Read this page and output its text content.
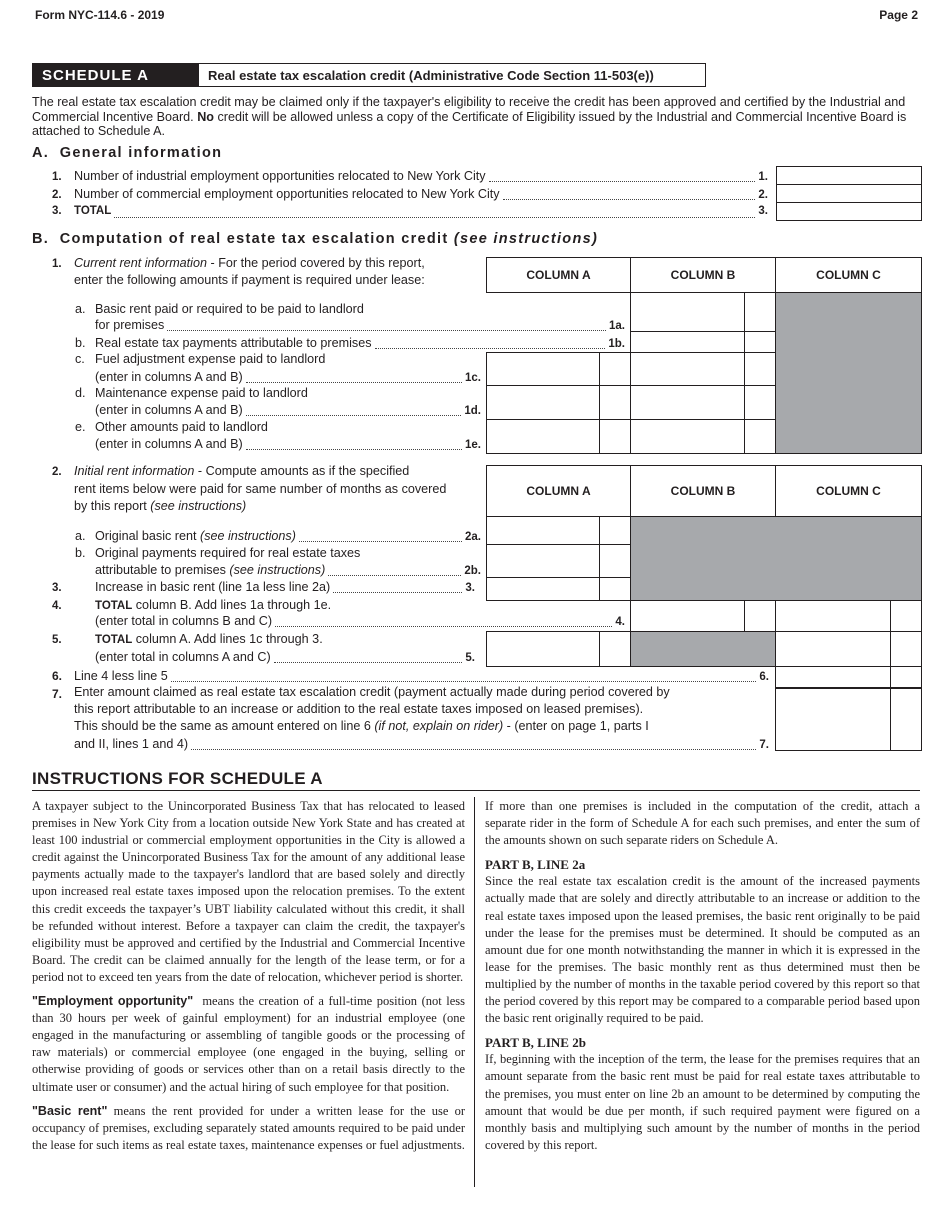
Form NYC-114.6 - 2019	Page 2
SCHEDULE A	Real estate tax escalation credit (Administrative Code Section 11-503(e))
The real estate tax escalation credit may be claimed only if the taxpayer's eligibility to receive the credit has been approved and certified by the Industrial and Commercial Incentive Board. No credit will be allowed unless a copy of the Certificate of Eligibility issued by the Industrial and Commercial Incentive Board is attached to Schedule A.
A. General information
1. Number of industrial employment opportunities relocated to New York City	1.
2. Number of commercial employment opportunities relocated to New York City	2.
3.	TOTAL	3.
B. Computation of real estate tax escalation credit (see instructions)
1. Current rent information - For the period covered by this report,
enter the following amounts if payment is required under lease:	COLUMN A	COLUMN B	COLUMN C
a. Basic rent paid or required to be paid to landlord
for premises	1a.
b. Real estate tax payments attributable to premises	1b.
c. Fuel adjustment expense paid to landlord
(enter in columns A and B)	1c.
d. Maintenance expense paid to landlord
(enter in columns A and B)	1d.
e. Other amounts paid to landlord
(enter in columns A and B)	1e.
2. Initial rent information - Compute amounts as if the specified
rent items below were paid for same number of months as covered
by this report (see instructions)
COLUMN A	COLUMN B	COLUMN C
a. Original basic rent
(see instructions)	2a.
b. Original payments required for real estate taxes
attributable to premises
(see instructions)	2b.
3.	Increase in basic rent (line 1a less line 2a)	3.
4.	TOTAL column B. Add lines 1a through 1e.
(enter total in columns B and C)	4.
5.	TOTAL column A. Add lines 1c through 3.
(enter total in columns A and C)	5.
6. Line 4 less line 5	6.
7. Enter amount claimed as real estate tax escalation credit (payment actually made during period covered by
this report attributable to an increase or addition to the real estate taxes imposed on leased premises).
This should be the same as amount entered on line 6 (if not, explain on rider) - (enter on page 1, parts I
and II, lines 1 and 4)	7.
INSTRUCTIONS FOR SCHEDULE A

A taxpayer subject to the Unincorporated Business Tax that has relocated to leased premises in New York City from a location outside New York State and has created at least 100 industrial or commercial employment opportunities in the City is allowed a credit against the Unincorporated Business Tax for the amount of any additional lease payments actually made to the taxpayer's landlord that are based solely and directly upon increased real estate taxes imposed upon the relocation premises. To the extent this credit exceeds the taxpayer’s UBT liability calculated without this credit, it shall be refunded without interest. Before a taxpayer can claim the credit, the taxpayer's eligibility must be approved and certified by the Industrial and Commercial Incentive Board. The credit can be claimed annually for the length of the lease term, or for a period not to exceed ten years from the date of relocation, whichever period is shorter.

"Employment opportunity" means the creation of a full-time position (not less than 30 hours per week of gainful employment) for an industrial employee (one engaged in the manufacturing or assembling of tangible goods or the processing of raw materials) or commercial employee (one engaged in the buying, selling or otherwise providing of goods or services other than on a retail basis directly to the ultimate user or consumer) and the actual hiring of such employee for that position.

"Basic rent" means the rent provided for under a written lease for the use or occupancy of premises, excluding separately stated amounts required to be paid under the lease for such items as real estate taxes, maintenance expenses or fuel adjustments.

If more than one premises is included in the computation of the credit, attach a separate rider in the form of Schedule A for each such premises, and enter the sum of the amounts shown on such separate riders on Schedule A.

PART B, LINE 2a

Since the real estate tax escalation credit is the amount of the increased payments actually made that are solely and directly attributable to an increase or addition to the real estate taxes imposed upon the leased premises, the basic rent originally to be paid under the lease for the premises must be determined. It should be computed as an amount due for one month notwithstanding the manner in which it is expressed in the lease for the premises. The basic monthly rent as thus determined must then be multiplied by the number of months in the taxable period covered by this report so that the period covered by this report may be compared to a comparable period based upon the basic rent originally required to be paid.

PART B, LINE 2b

If, beginning with the inception of the term, the lease for the premises requires that an amount separate from the basic rent must be paid for real estate taxes attributable to the premises, you must enter on line 2b an amount to be determined by computing the amount that would be due per month, if such required payment were figured on a monthly basis and multiplying such amount by the number of months in the period covered by this report.
